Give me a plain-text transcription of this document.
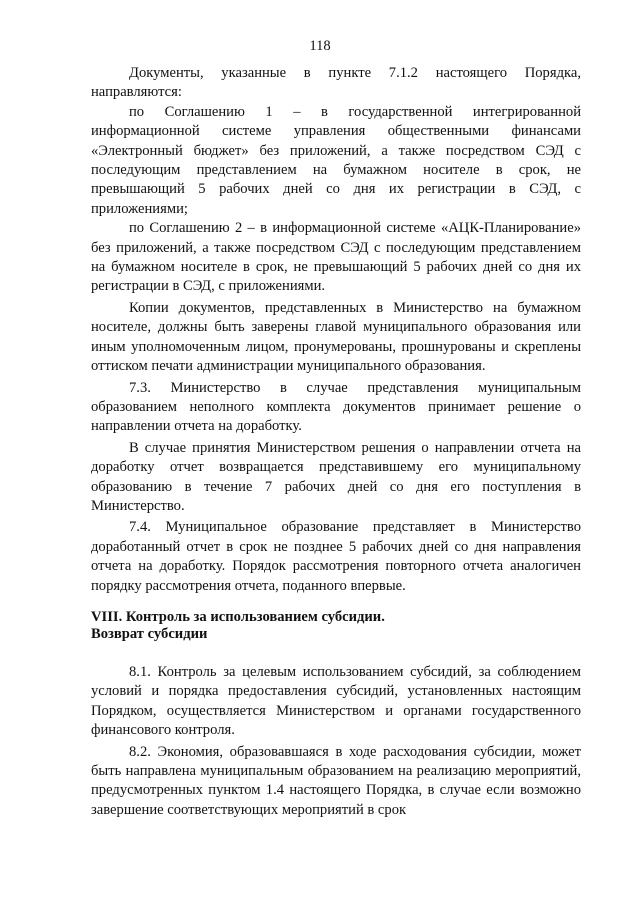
118

Документы, указанные в пункте 7.1.2 настоящего Порядка, направляются:

по Соглашению 1 – в государственной интегрированной информационной системе управления общественными финансами «Электронный бюджет» без приложений, а также посредством СЭД с последующим представлением на бумажном носителе в срок, не превышающий 5 рабочих дней со дня их регистрации в СЭД, с приложениями;

по Соглашению 2 – в информационной системе «АЦК-Планирование» без приложений, а также посредством СЭД с последующим представлением на бумажном носителе в срок, не превышающий 5 рабочих дней со дня их регистрации в СЭД, с приложениями.

Копии документов, представленных в Министерство на бумажном носителе, должны быть заверены главой муниципального образования или иным уполномоченным лицом, пронумерованы, прошнурованы и скреплены оттиском печати администрации муниципального образования.

7.3. Министерство в случае представления муниципальным образованием неполного комплекта документов принимает решение о направлении отчета на доработку.

В случае принятия Министерством решения о направлении отчета на доработку отчет возвращается представившему его муниципальному образованию в течение 7 рабочих дней со дня его поступления в Министерство.

7.4. Муниципальное образование представляет в Министерство доработанный отчет в срок не позднее 5 рабочих дней со дня направления отчета на доработку. Порядок рассмотрения повторного отчета аналогичен порядку рассмотрения отчета, поданного впервые.

VIII. Контроль за использованием субсидии.
Возврат субсидии

8.1. Контроль за целевым использованием субсидий, за соблюдением условий и порядка предоставления субсидий, установленных настоящим Порядком, осуществляется Министерством и органами государственного финансового контроля.

8.2. Экономия, образовавшаяся в ходе расходования субсидии, может быть направлена муниципальным образованием на реализацию мероприятий, предусмотренных пунктом 1.4 настоящего Порядка, в случае если возможно завершение соответствующих мероприятий в срок
